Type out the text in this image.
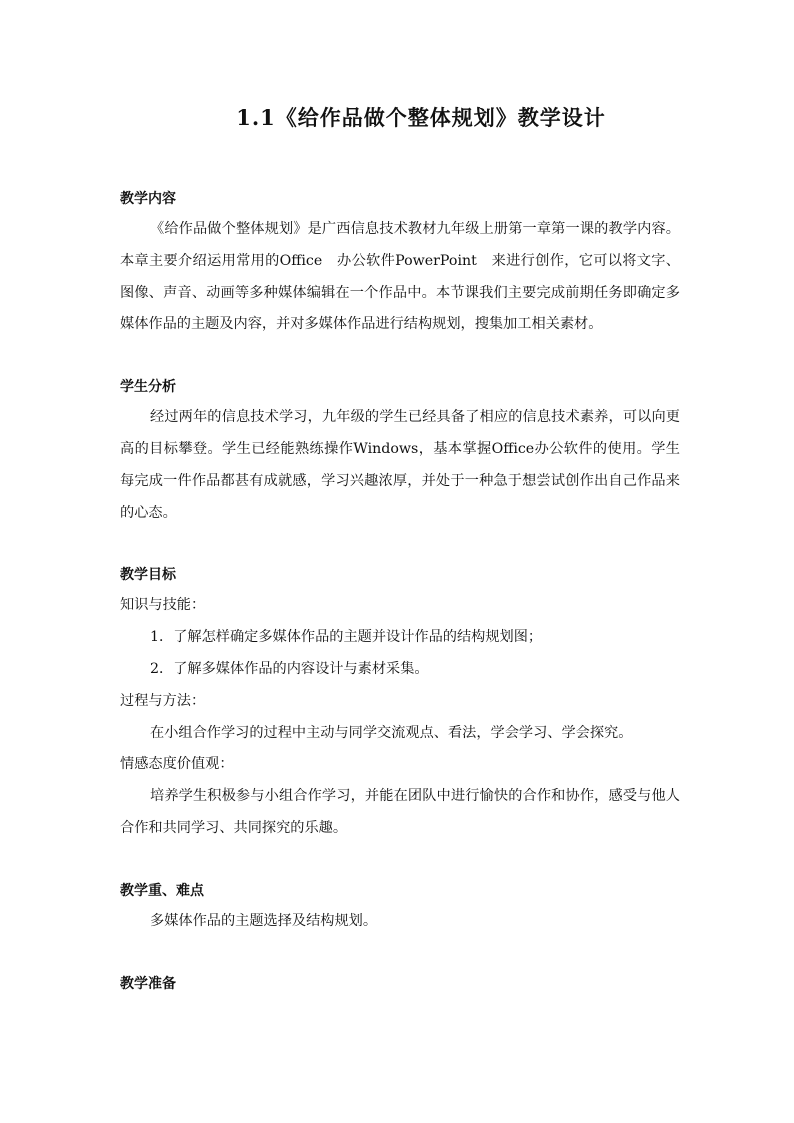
1.1《给作品做个整体规划》教学设计

教学内容

《给作品做个整体规划》是广西信息技术教材九年级上册第一章第一课的教学内容。本章主要介绍运用常用的Office　办公软件PowerPoint　来进行创作，它可以将文字、图像、声音、动画等多种媒体编辑在一个作品中。本节课我们主要完成前期任务即确定多媒体作品的主题及内容，并对多媒体作品进行结构规划，搜集加工相关素材。

学生分析

经过两年的信息技术学习，九年级的学生已经具备了相应的信息技术素养，可以向更高的目标攀登。学生已经能熟练操作Windows，基本掌握Office办公软件的使用。学生每完成一件作品都甚有成就感，学习兴趣浓厚，并处于一种急于想尝试创作出自己作品来的心态。

教学目标

知识与技能：

1．了解怎样确定多媒体作品的主题并设计作品的结构规划图；

2．了解多媒体作品的内容设计与素材采集。

过程与方法：

在小组合作学习的过程中主动与同学交流观点、看法，学会学习、学会探究。

情感态度价值观：

培养学生积极参与小组合作学习，并能在团队中进行愉快的合作和协作，感受与他人合作和共同学习、共同探究的乐趣。

教学重、难点

多媒体作品的主题选择及结构规划。

教学准备
